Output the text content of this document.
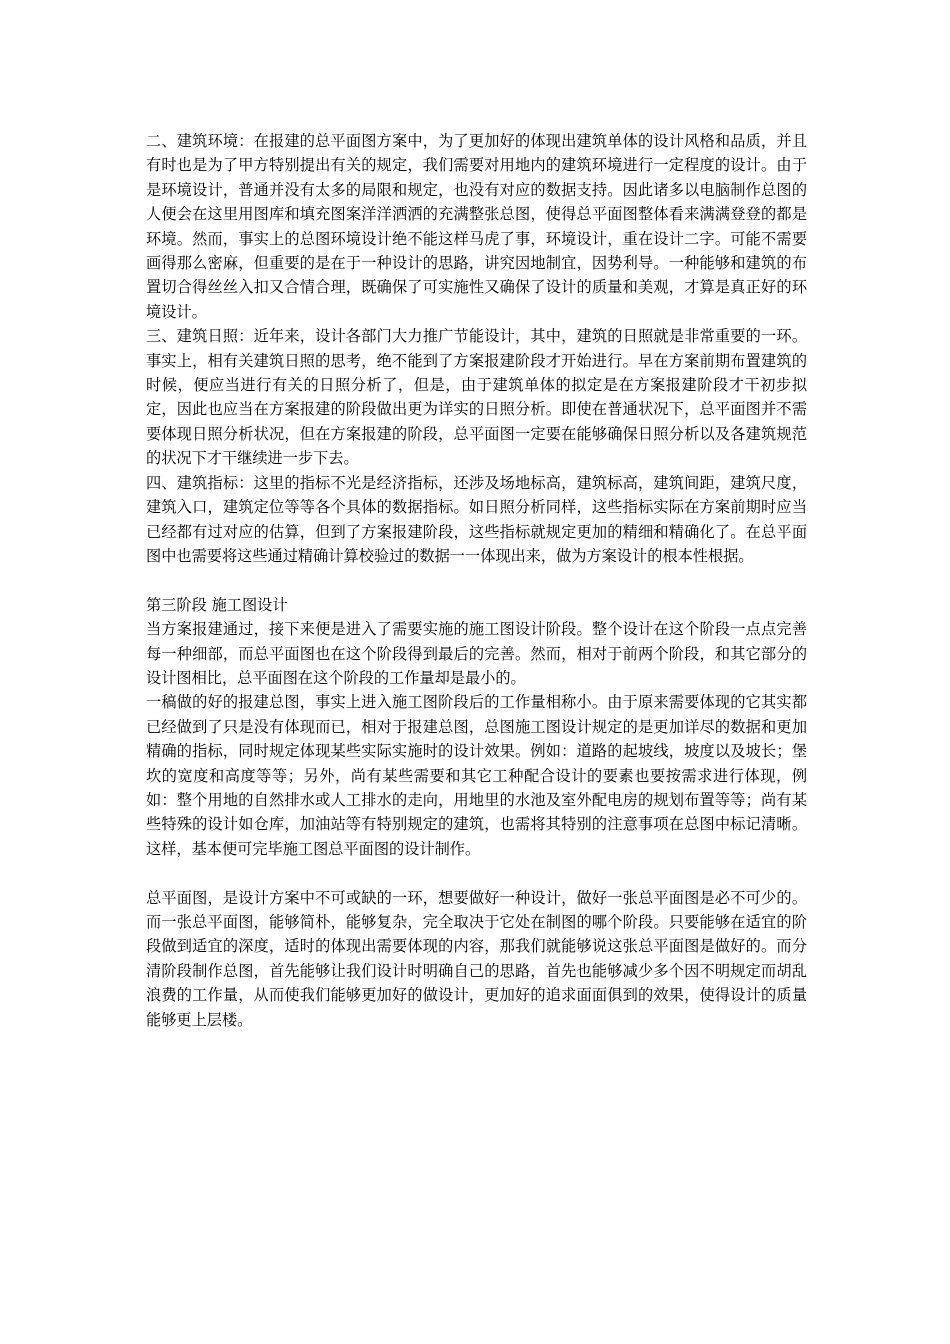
二、建筑环境：在报建的总平面图方案中，为了更加好的体现出建筑单体的设计风格和品质，并且有时也是为了甲方特别提出有关的规定，我们需要对用地内的建筑环境进行一定程度的设计。由于是环境设计，普通并没有太多的局限和规定，也没有对应的数据支持。因此诸多以电脑制作总图的人便会在这里用图库和填充图案洋洋洒洒的充满整张总图，使得总平面图整体看来满满登登的都是环境。然而，事实上的总图环境设计绝不能这样马虎了事，环境设计，重在设计二字。可能不需要画得那么密麻，但重要的是在于一种设计的思路，讲究因地制宜，因势利导。一种能够和建筑的布置切合得丝丝入扣又合情合理，既确保了可实施性又确保了设计的质量和美观，才算是真正好的环境设计。

三、建筑日照：近年来，设计各部门大力推广节能设计，其中，建筑的日照就是非常重要的一环。事实上，相有关建筑日照的思考，绝不能到了方案报建阶段才开始进行。早在方案前期布置建筑的时候，便应当进行有关的日照分析了，但是，由于建筑单体的拟定是在方案报建阶段才干初步拟定，因此也应当在方案报建的阶段做出更为详实的日照分析。即使在普通状况下，总平面图并不需要体现日照分析状况，但在方案报建的阶段，总平面图一定要在能够确保日照分析以及各建筑规范的状况下才干继续进一步下去。

四、建筑指标：这里的指标不光是经济指标，还涉及场地标高，建筑标高，建筑间距，建筑尺度，建筑入口，建筑定位等等各个具体的数据指标。如日照分析同样，这些指标实际在方案前期时应当已经都有过对应的估算，但到了方案报建阶段，这些指标就规定更加的精细和精确化了。在总平面图中也需要将这些通过精确计算校验过的数据一一体现出来，做为方案设计的根本性根据。

第三阶段 施工图设计

当方案报建通过，接下来便是进入了需要实施的施工图设计阶段。整个设计在这个阶段一点点完善每一种细部，而总平面图也在这个阶段得到最后的完善。然而，相对于前两个阶段，和其它部分的设计图相比，总平面图在这个阶段的工作量却是最小的。

一稿做的好的报建总图，事实上进入施工图阶段后的工作量相称小。由于原来需要体现的它其实都已经做到了只是没有体现而已，相对于报建总图，总图施工图设计规定的是更加详尽的数据和更加精确的指标，同时规定体现某些实际实施时的设计效果。例如：道路的起坡线，坡度以及坡长；堡坎的宽度和高度等等；另外，尚有某些需要和其它工种配合设计的要素也要按需求进行体现，例如：整个用地的自然排水或人工排水的走向，用地里的水池及室外配电房的规划布置等等；尚有某些特殊的设计如仓库，加油站等有特别规定的建筑，也需将其特别的注意事项在总图中标记清晰。这样，基本便可完毕施工图总平面图的设计制作。

总平面图，是设计方案中不可或缺的一环，想要做好一种设计，做好一张总平面图是必不可少的。而一张总平面图，能够简朴，能够复杂，完全取决于它处在制图的哪个阶段。只要能够在适宜的阶段做到适宜的深度，适时的体现出需要体现的内容，那我们就能够说这张总平面图是做好的。而分清阶段制作总图，首先能够让我们设计时明确自己的思路，首先也能够减少多个因不明规定而胡乱浪费的工作量，从而使我们能够更加好的做设计，更加好的追求面面俱到的效果，使得设计的质量能够更上层楼。
